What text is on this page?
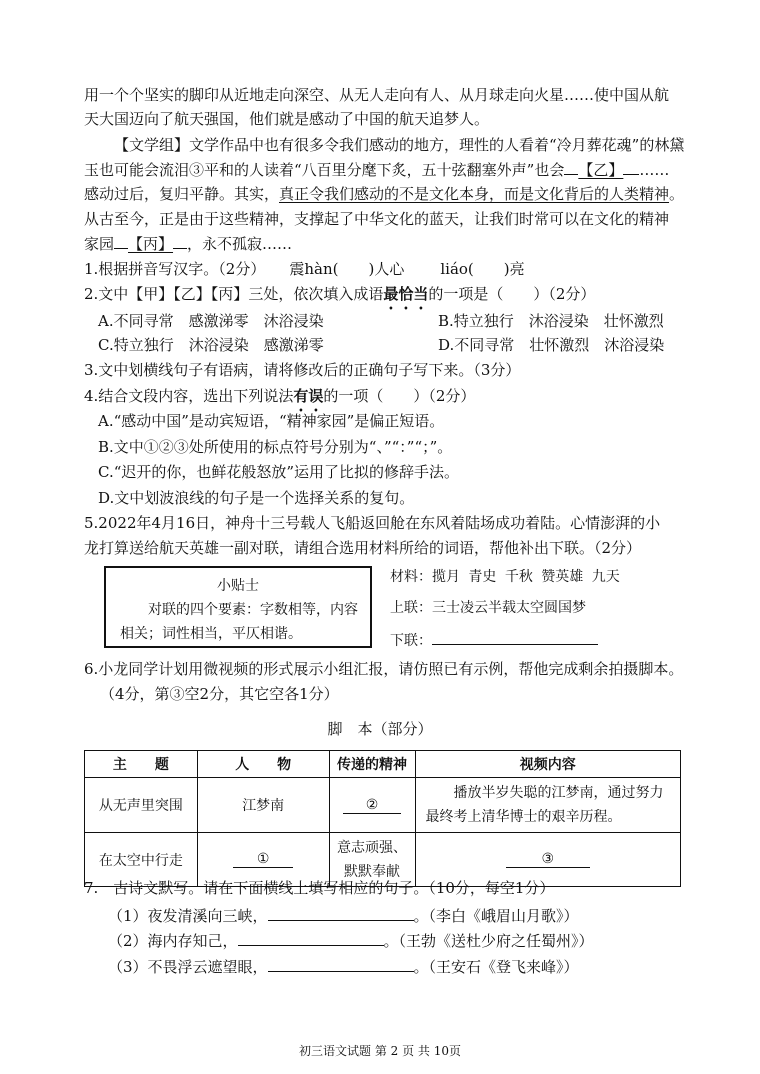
用一个个坚实的脚印从近地走向深空、从无人走向有人、从月球走向火星……使中国从航
天大国迈向了航天强国，他们就是感动了中国的航天追梦人。
【文学组】文学作品中也有很多令我们感动的地方，理性的人看着“冷月葬花魂”的林黛
玉也可能会流泪③平和的人读着“八百里分麾下炙，五十弦翻塞外声”也会 【乙】 ……
感动过后，复归平静。其实，真正令我们感动的不是文化本身，而是文化背后的人类精神。
从古至今，正是由于这些精神，支撑起了中华文化的蓝天，让我们时常可以在文化的精神
家园 【丙】 ，永不孤寂……
1.根据拼音写汉字。（2分） 震hàn(　　)人心 liáo(　　)亮
2.文中【甲】【乙】【丙】三处，依次填入成语最恰当的一项是（　　）（2分）
A.不同寻常　感激涕零　沐浴浸染	B.特立独行　沐浴浸染　壮怀激烈
C.特立独行　沐浴浸染　感激涕零	D.不同寻常　壮怀激烈　沐浴浸染
3.文中划横线句子有语病，请将修改后的正确句子写下来。（3分）
4.结合文段内容，选出下列说法有误的一项（　　）（2分）
A.“感动中国”是动宾短语，“精神家园”是偏正短语。
B.文中①②③处所使用的标点符号分别为“、”“：”“；”。
C.“迟开的你，也鲜花般怒放”运用了比拟的修辞手法。
D.文中划波浪线的句子是一个选择关系的复句。
5.2022年4月16日，神舟十三号载人飞船返回舱在东风着陆场成功着陆。心情澎湃的小
龙打算送给航天英雄一副对联，请组合选用材料所给的词语，帮他补出下联。（2分）
小贴士
对联的四个要素：字数相等，内容相关；词性相当，平仄相谐。
材料：揽月 青史 千秋 赞英雄 九天
上联：三士凌云半载太空圆国梦
下联：
6.小龙同学计划用微视频的形式展示小组汇报，请仿照已有示例，帮他完成剩余拍摄脚本。
（4分，第③空2分，其它空各1分）
脚　本（部分）
主　　题	人　　物	传递的精神	视频内容
从无声里突围	江梦南	②	播放半岁失聪的江梦南，通过努力最终考上清华博士的艰辛历程。
在太空中行走	①	意志顽强、默默奉献	③
7.　古诗文默写。请在下面横线上填写相应的句子。（10分，每空1分）
（1）夜发清溪向三峡，	。（李白《峨眉山月歌》）
（2）海内存知己，	。（王勃《送杜少府之任蜀州》）
（3）不畏浮云遮望眼，	。（王安石《登飞来峰》）
初三语文试题 第 2 页 共 10页
